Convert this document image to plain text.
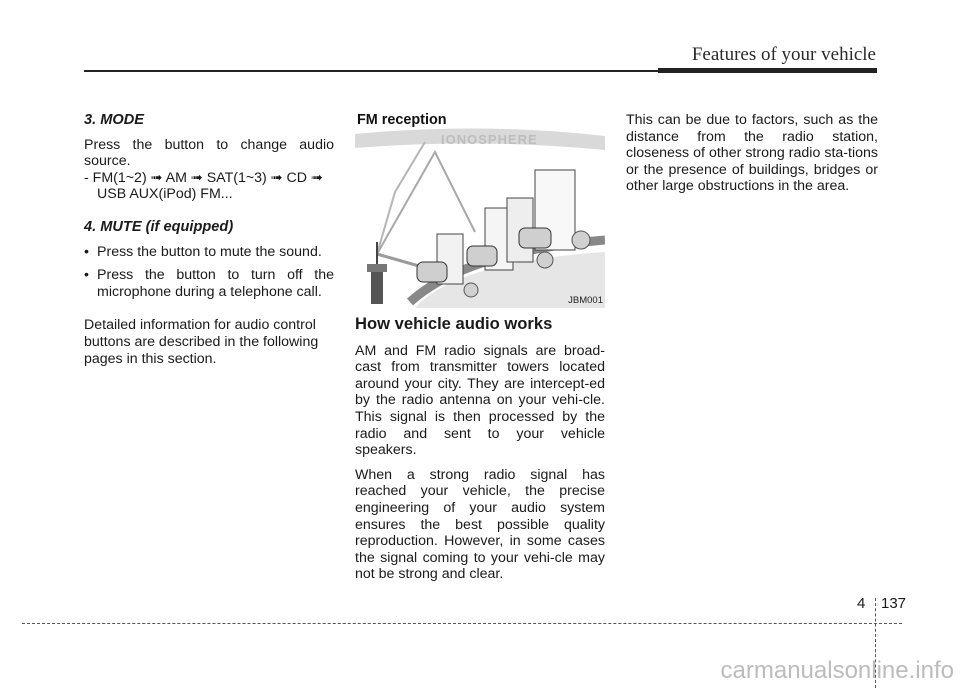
Features of your vehicle
3. MODE

Press the button to change audio source.

- FM(1~2) ➟ AM ➟ SAT(1~3) ➟ CD ➟ USB AUX(iPod) FM...

4. MUTE (if equipped)
• Press the button to mute the sound.
• Press the button to turn off the microphone during a telephone call.

Detailed information for audio control buttons are described in the following pages in this section.

FM reception
IONOSPHERE
JBM001
How vehicle audio works

AM and FM radio signals are broad-cast from transmitter towers located around your city. They are intercept-ed by the radio antenna on your vehi-cle. This signal is then processed by the radio and sent to your vehicle speakers.

When a strong radio signal has reached your vehicle, the precise engineering of your audio system ensures the best possible quality reproduction. However, in some cases the signal coming to your vehi-cle may not be strong and clear.

This can be due to factors, such as the distance from the radio station, closeness of other strong radio sta-tions or the presence of buildings, bridges or other large obstructions in the area.

4 137
carmanualsonline.info
